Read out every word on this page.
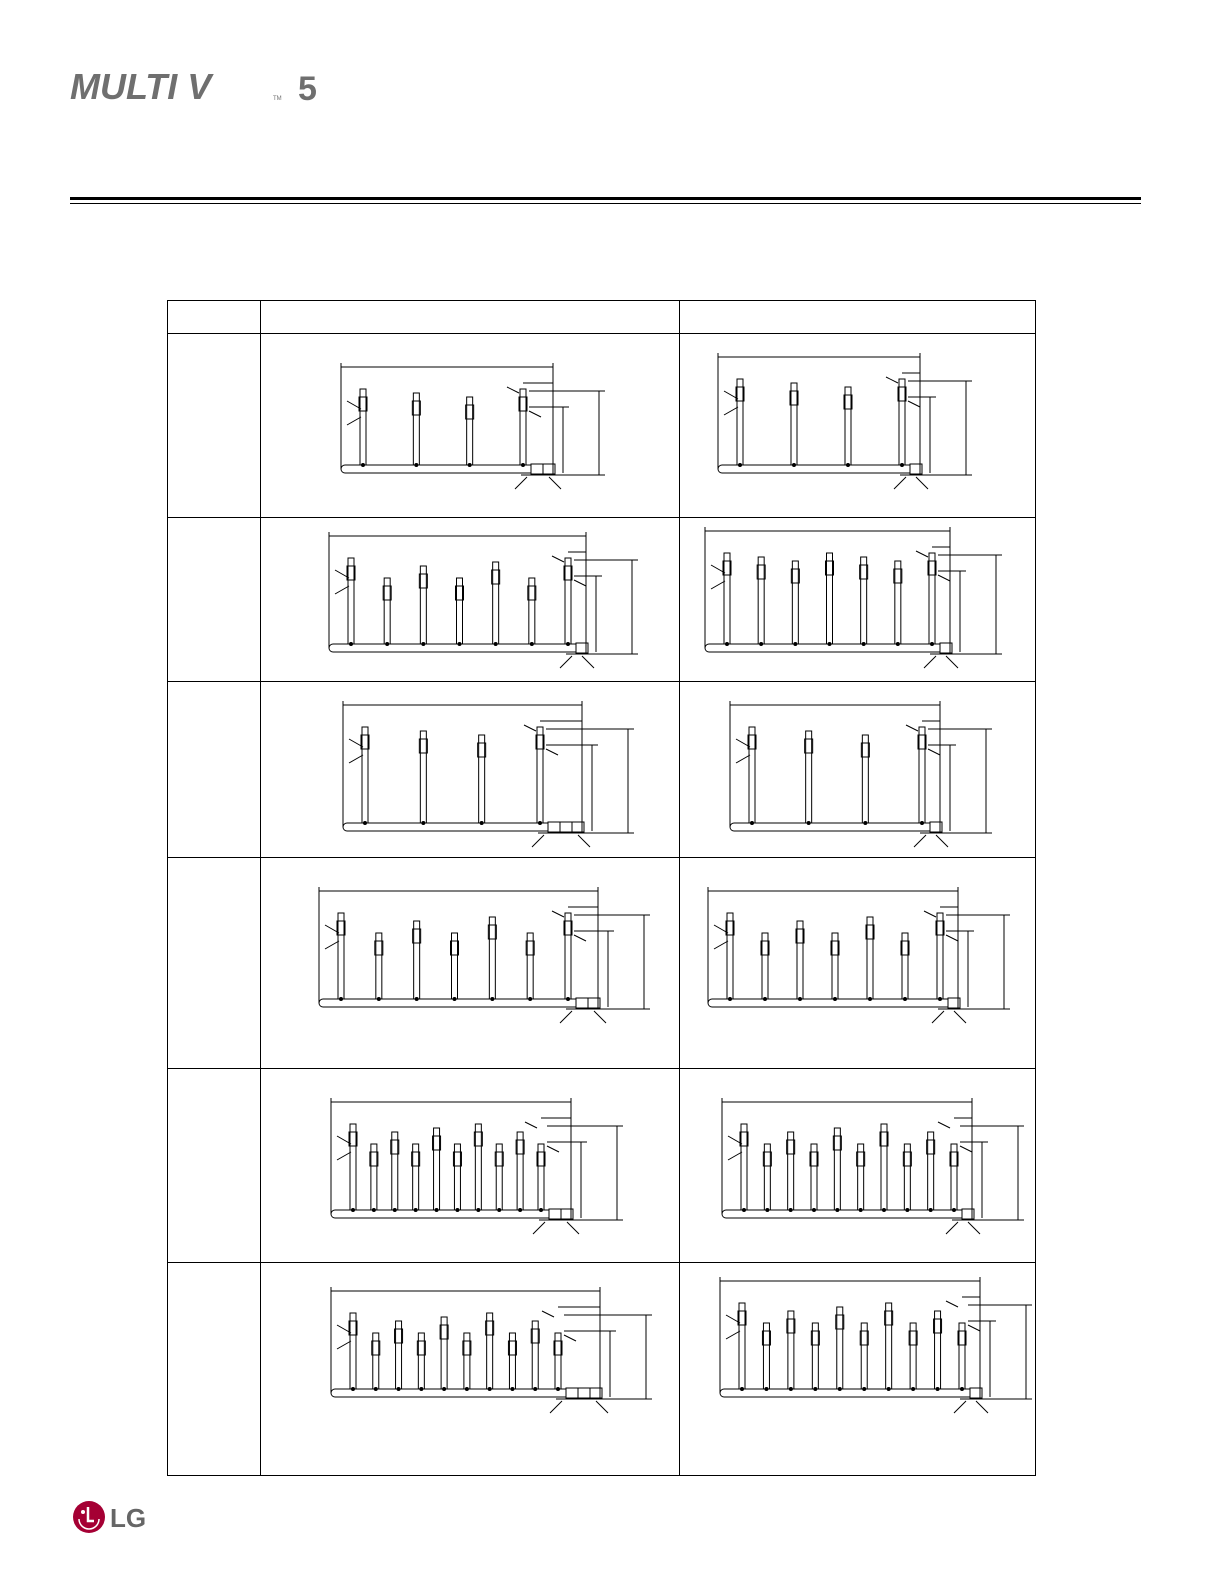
MULTI V	TM 5
LG
